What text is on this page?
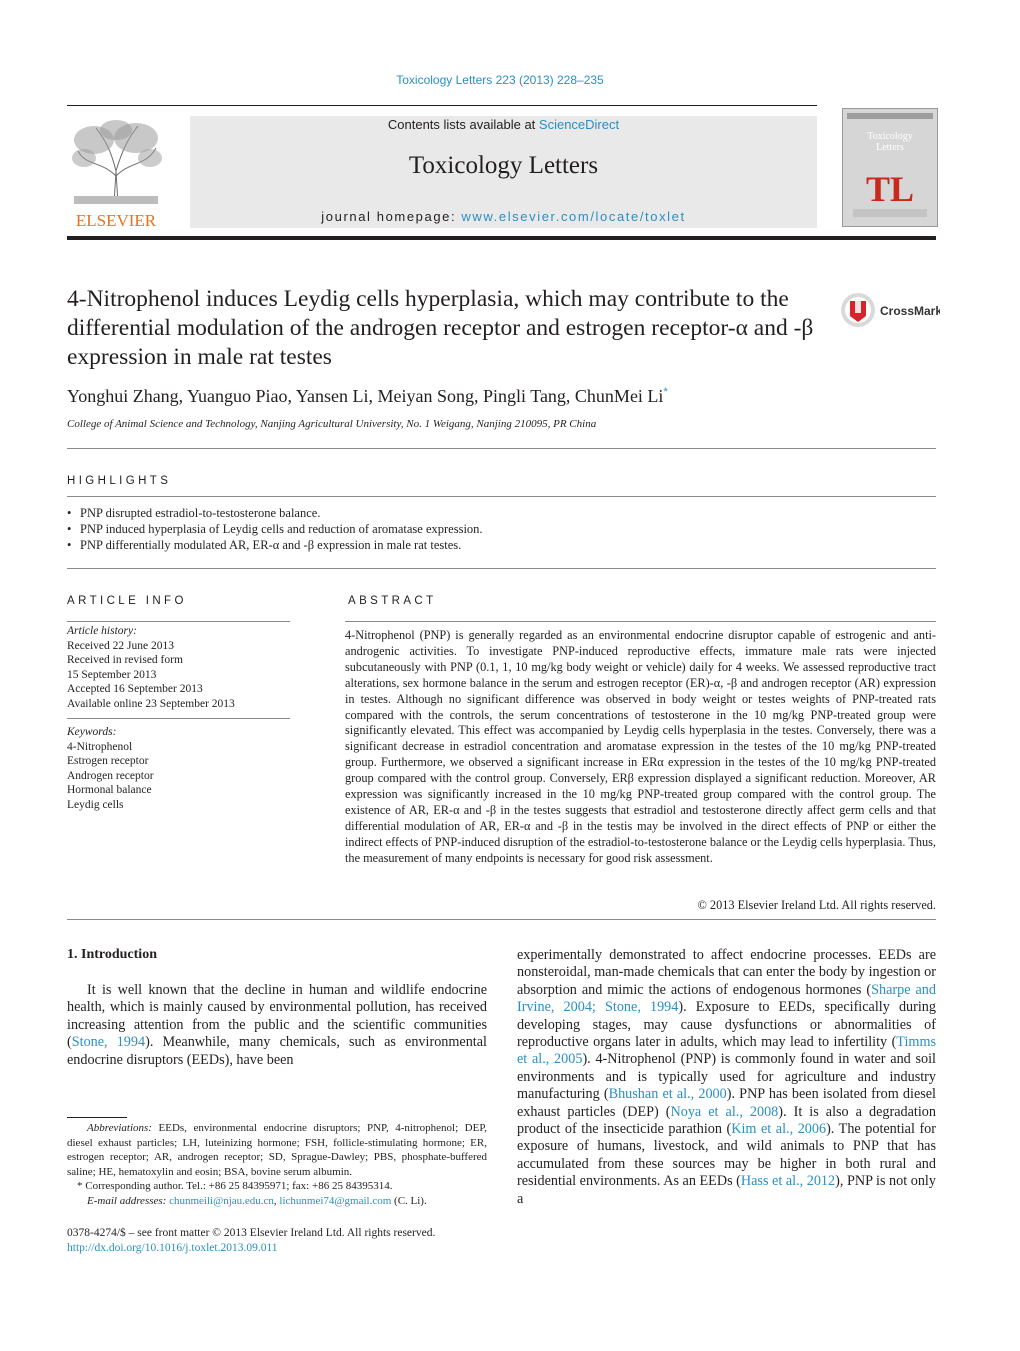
Toxicology Letters 223 (2013) 228–235
ELSEVIER
Contents lists available at ScienceDirect
Toxicology Letters
journal homepage: www.elsevier.com/locate/toxlet
Toxicology
Letters
TL
4-Nitrophenol induces Leydig cells hyperplasia, which may contribute to the differential modulation of the androgen receptor and estrogen receptor-α and -β expression in male rat testes
CrossMark
Yonghui Zhang, Yuanguo Piao, Yansen Li, Meiyan Song, Pingli Tang, ChunMei Li*
College of Animal Science and Technology, Nanjing Agricultural University, No. 1 Weigang, Nanjing 210095, PR China
HIGHLIGHTS
• PNP disrupted estradiol-to-testosterone balance.
• PNP induced hyperplasia of Leydig cells and reduction of aromatase expression.
• PNP differentially modulated AR, ER-α and -β expression in male rat testes.
ARTICLE INFO	ABSTRACT
Article history:
Received 22 June 2013
Received in revised form
15 September 2013
Accepted 16 September 2013
Available online 23 September 2013
Keywords:
4-Nitrophenol
Estrogen receptor
Androgen receptor
Hormonal balance
Leydig cells
4-Nitrophenol (PNP) is generally regarded as an environmental endocrine disruptor capable of estrogenic and anti-androgenic activities. To investigate PNP-induced reproductive effects, immature male rats were injected subcutaneously with PNP (0.1, 1, 10 mg/kg body weight or vehicle) daily for 4 weeks. We assessed reproductive tract alterations, sex hormone balance in the serum and estrogen receptor (ER)-α, -β and androgen receptor (AR) expression in testes. Although no significant difference was observed in body weight or testes weights of PNP-treated rats compared with the controls, the serum concentrations of testosterone in the 10 mg/kg PNP-treated group were significantly elevated. This effect was accompanied by Leydig cells hyperplasia in the testes. Conversely, there was a significant decrease in estradiol concentration and aromatase expression in the testes of the 10 mg/kg PNP-treated group. Furthermore, we observed a significant increase in ERα expression in the testes of the 10 mg/kg PNP-treated group compared with the control group. Conversely, ERβ expression displayed a significant reduction. Moreover, AR expression was significantly increased in the 10 mg/kg PNP-treated group compared with the control group. The existence of AR, ER-α and -β in the testes suggests that estradiol and testosterone directly affect germ cells and that differential modulation of AR, ER-α and -β in the testis may be involved in the direct effects of PNP or either the indirect effects of PNP-induced disruption of the estradiol-to-testosterone balance or the Leydig cells hyperplasia. Thus, the measurement of many endpoints is necessary for good risk assessment.
© 2013 Elsevier Ireland Ltd. All rights reserved.
1. Introduction
It is well known that the decline in human and wildlife endocrine health, which is mainly caused by environmental pollution, has received increasing attention from the public and the scientific communities (Stone, 1994). Meanwhile, many chemicals, such as environmental endocrine disruptors (EEDs), have been
experimentally demonstrated to affect endocrine processes. EEDs are nonsteroidal, man-made chemicals that can enter the body by ingestion or absorption and mimic the actions of endogenous hormones (Sharpe and Irvine, 2004; Stone, 1994). Exposure to EEDs, specifically during developing stages, may cause dysfunctions or abnormalities of reproductive organs later in adults, which may lead to infertility (Timms et al., 2005). 4-Nitrophenol (PNP) is commonly found in water and soil environments and is typically used for agriculture and industry manufacturing (Bhushan et al., 2000). PNP has been isolated from diesel exhaust particles (DEP) (Noya et al., 2008). It is also a degradation product of the insecticide parathion (Kim et al., 2006). The potential for exposure of humans, livestock, and wild animals to PNP that has accumulated from these sources may be higher in both rural and residential environments. As an EEDs (Hass et al., 2012), PNP is not only a
Abbreviations: EEDs, environmental endocrine disruptors; PNP, 4-nitrophenol; DEP, diesel exhaust particles; LH, luteinizing hormone; FSH, follicle-stimulating hormone; ER, estrogen receptor; AR, androgen receptor; SD, Sprague-Dawley; PBS, phosphate-buffered saline; HE, hematoxylin and eosin; BSA, bovine serum albumin.
* Corresponding author. Tel.: +86 25 84395971; fax: +86 25 84395314.
E-mail addresses: chunmeili@njau.edu.cn, lichunmei74@gmail.com (C. Li).
0378-4274/$ – see front matter © 2013 Elsevier Ireland Ltd. All rights reserved.
http://dx.doi.org/10.1016/j.toxlet.2013.09.011
